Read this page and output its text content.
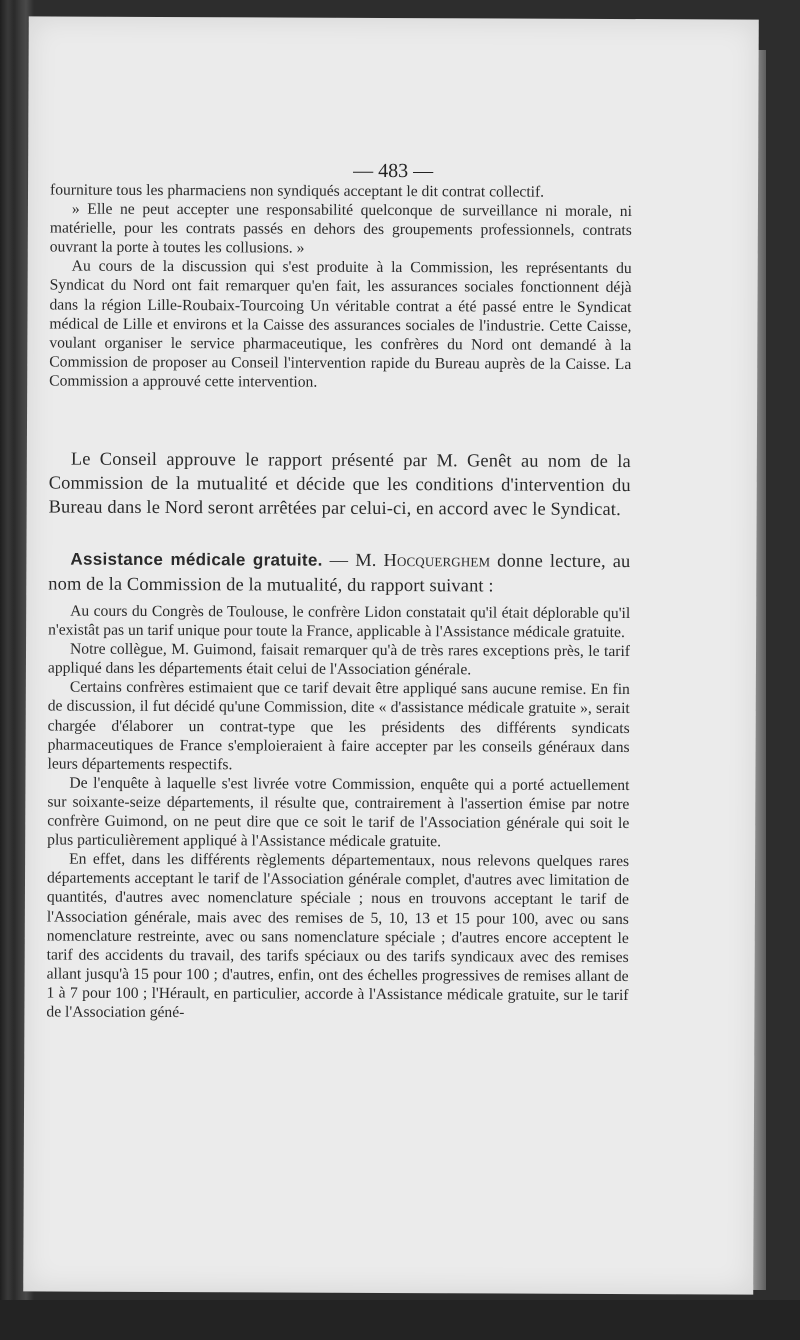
— 483 —

fourniture tous les pharmaciens non syndiqués acceptant le dit contrat collectif.

» Elle ne peut accepter une responsabilité quelconque de surveillance ni morale, ni matérielle, pour les contrats passés en dehors des groupements professionnels, contrats ouvrant la porte à toutes les collusions. »

Au cours de la discussion qui s'est produite à la Commission, les représentants du Syndicat du Nord ont fait remarquer qu'en fait, les assurances sociales fonctionnent déjà dans la région Lille-Roubaix-Tourcoing Un véritable contrat a été passé entre le Syndicat médical de Lille et environs et la Caisse des assurances sociales de l'industrie. Cette Caisse, voulant organiser le service pharmaceutique, les confrères du Nord ont demandé à la Commission de proposer au Conseil l'intervention rapide du Bureau auprès de la Caisse. La Commission a approuvé cette intervention.

Le Conseil approuve le rapport présenté par M. Genêt au nom de la Commission de la mutualité et décide que les conditions d'intervention du Bureau dans le Nord seront arrêtées par celui-ci, en accord avec le Syndicat.

Assistance médicale gratuite. — M. Hocquerghem donne lecture, au nom de la Commission de la mutualité, du rapport suivant :

Au cours du Congrès de Toulouse, le confrère Lidon constatait qu'il était déplorable qu'il n'existât pas un tarif unique pour toute la France, applicable à l'Assistance médicale gratuite.

Notre collègue, M. Guimond, faisait remarquer qu'à de très rares exceptions près, le tarif appliqué dans les départements était celui de l'Association générale.

Certains confrères estimaient que ce tarif devait être appliqué sans aucune remise. En fin de discussion, il fut décidé qu'une Commission, dite « d'assistance médicale gratuite », serait chargée d'élaborer un contrat-type que les présidents des différents syndicats pharmaceutiques de France s'emploieraient à faire accepter par les conseils généraux dans leurs départements respectifs.

De l'enquête à laquelle s'est livrée votre Commission, enquête qui a porté actuellement sur soixante-seize départements, il résulte que, contrairement à l'assertion émise par notre confrère Guimond, on ne peut dire que ce soit le tarif de l'Association générale qui soit le plus particulièrement appliqué à l'Assistance médicale gratuite.

En effet, dans les différents règlements départementaux, nous relevons quelques rares départements acceptant le tarif de l'Association générale complet, d'autres avec limitation de quantités, d'autres avec nomenclature spéciale ; nous en trouvons acceptant le tarif de l'Association générale, mais avec des remises de 5, 10, 13 et 15 pour 100, avec ou sans nomenclature restreinte, avec ou sans nomenclature spéciale ; d'autres encore acceptent le tarif des accidents du travail, des tarifs spéciaux ou des tarifs syndicaux avec des remises allant jusqu'à 15 pour 100 ; d'autres, enfin, ont des échelles progressives de remises allant de 1 à 7 pour 100 ; l'Hérault, en particulier, accorde à l'Assistance médicale gratuite, sur le tarif de l'Association géné-
